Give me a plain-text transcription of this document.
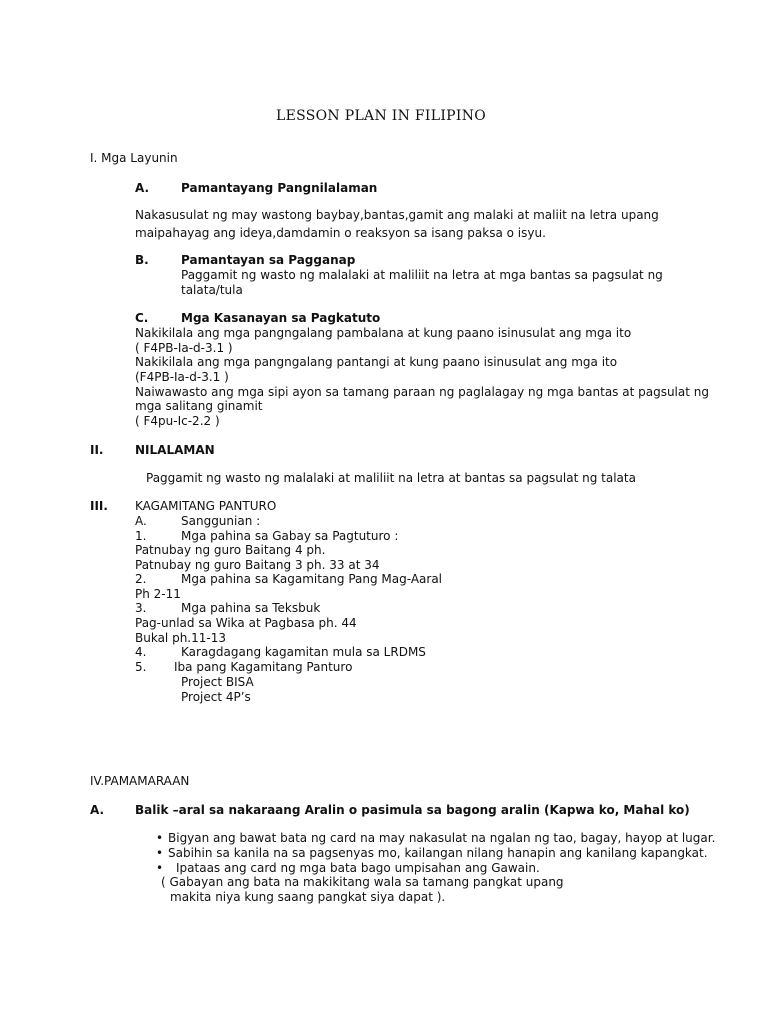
LESSON PLAN IN FILIPINO
I. Mga Layunin
A.	Pamantayang Pangnilalaman
Nakasusulat ng may wastong baybay,bantas,gamit ang malaki at maliit na letra upang
maipahayag ang ideya,damdamin o reaksyon sa isang paksa o isyu.
B.	Pamantayan sa Pagganap
Paggamit ng wasto ng malalaki at maliliit na letra at mga bantas sa pagsulat ng
talata/tula
C.	Mga Kasanayan sa Pagkatuto
Nakikilala ang mga pangngalang pambalana at kung paano isinusulat ang mga ito
( F4PB-Ia-d-3.1 )
Nakikilala ang mga pangngalang pantangi at kung paano isinusulat ang mga ito
(F4PB-Ia-d-3.1 )
Naiwawasto ang mga sipi ayon sa tamang paraan ng paglalagay ng mga bantas at pagsulat ng
mga salitang ginamit
( F4pu-Ic-2.2 )
II.	NILALAMAN
Paggamit ng wasto ng malalaki at maliliit na letra at bantas sa pagsulat ng talata
III. KAGAMITANG PANTURO
A.	Sanggunian :
1.	Mga pahina sa Gabay sa Pagtuturo :
Patnubay ng guro Baitang 4 ph.
Patnubay ng guro Baitang 3 ph. 33 at 34
2.	Mga pahina sa Kagamitang Pang Mag-Aaral
Ph 2-11
3.	Mga pahina sa Teksbuk
Pag-unlad sa Wika at Pagbasa ph. 44
Bukal ph.11-13
4.	Karagdagang kagamitan mula sa LRDMS
5. Iba pang Kagamitang Panturo
Project BISA
Project 4P’s
IV.PAMAMARAAN
A.	Balik –aral sa nakaraang Aralin o pasimula sa bagong aralin (Kapwa ko, Mahal ko)
• Bigyan ang bawat bata ng card na may nakasulat na ngalan ng tao, bagay, hayop at lugar.
• Sabihin sa kanila na sa pagsenyas mo, kailangan nilang hanapin ang kanilang kapangkat.
• Ipataas ang card ng mga bata bago umpisahan ang Gawain.
( Gabayan ang bata na makikitang wala sa tamang pangkat upang
makita niya kung saang pangkat siya dapat ).
